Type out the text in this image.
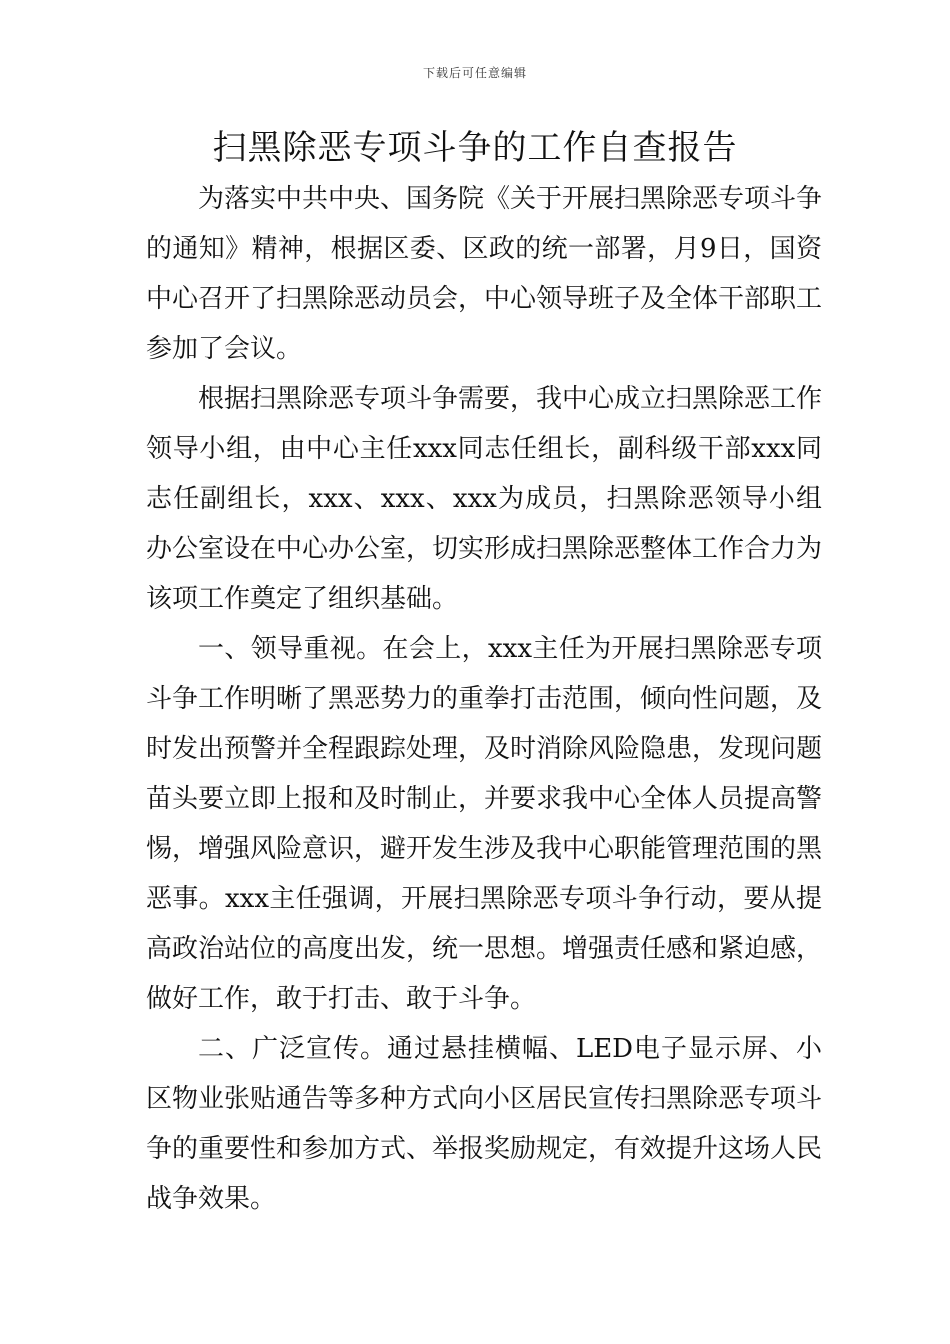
下载后可任意编辑
扫黑除恶专项斗争的工作自查报告

为落实中共中央、国务院《关于开展扫黑除恶专项斗争的通知》精神，根据区委、区政的统一部署，月9日，国资中心召开了扫黑除恶动员会，中心领导班子及全体干部职工参加了会议。

根据扫黑除恶专项斗争需要，我中心成立扫黑除恶工作领导小组，由中心主任xxx同志任组长，副科级干部xxx同志任副组长，xxx、xxx、xxx为成员，扫黑除恶领导小组办公室设在中心办公室，切实形成扫黑除恶整体工作合力为该项工作奠定了组织基础。

一、领导重视。在会上，xxx主任为开展扫黑除恶专项斗争工作明晰了黑恶势力的重拳打击范围，倾向性问题，及时发出预警并全程跟踪处理，及时消除风险隐患，发现问题苗头要立即上报和及时制止，并要求我中心全体人员提高警惕，增强风险意识，避开发生涉及我中心职能管理范围的黑恶事。xxx主任强调，开展扫黑除恶专项斗争行动，要从提高政治站位的高度出发，统一思想。增强责任感和紧迫感，做好工作，敢于打击、敢于斗争。

二、广泛宣传。通过悬挂横幅、LED电子显示屏、小区物业张贴通告等多种方式向小区居民宣传扫黑除恶专项斗争的重要性和参加方式、举报奖励规定，有效提升这场人民战争效果。
